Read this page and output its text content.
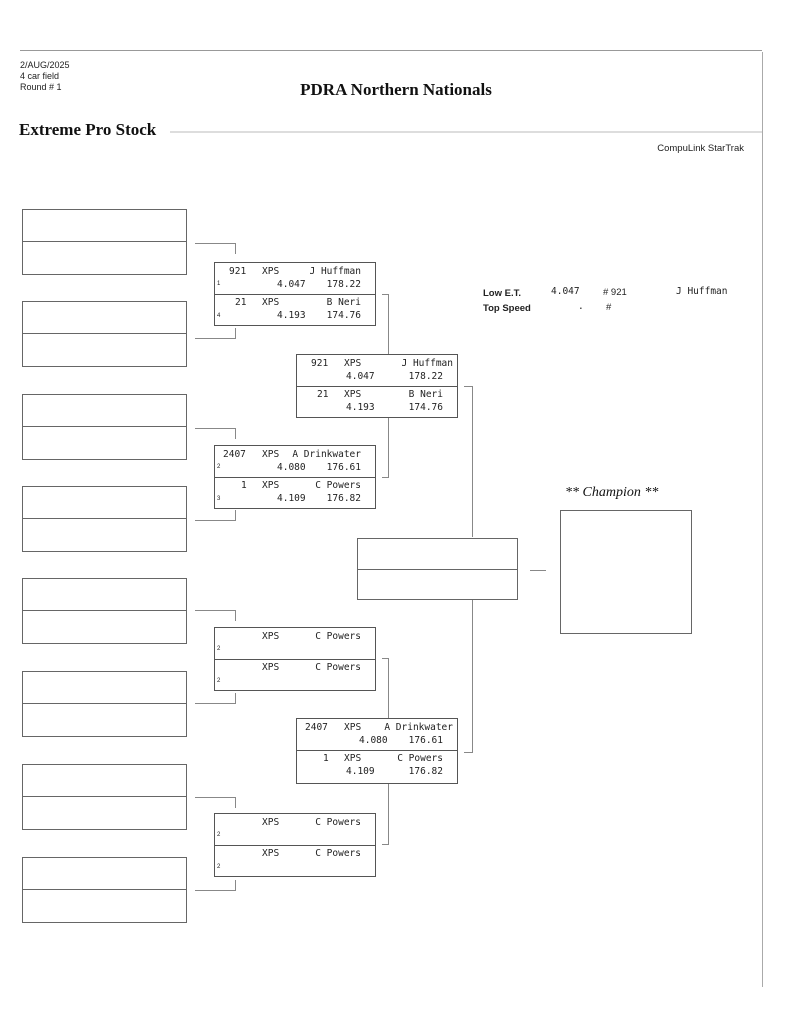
2/AUG/2025
4 car field
Round # 1	PDRA Northern Nationals
Extreme Pro Stock
CompuLink StarTrak
921 XPS	J Huffman
4.047 178.22
1
21 XPS	B Neri
4.193 174.76
4
2407 XPS A Drinkwater
4.080 176.61
2
1 XPS	C Powers
4.109 176.82
3
XPS	C Powers
2
XPS	C Powers
2
XPS	C Powers
2
XPS	C Powers
2
921 XPS	J Huffman
4.047	178.22
21 XPS	B Neri
4.193	174.76
2407 XPS A Drinkwater
4.080 176.61
1 XPS	C Powers
4.109	176.82
Low E.T.	4.047 # 921	J Huffman
Top Speed	. #
** Champion **
